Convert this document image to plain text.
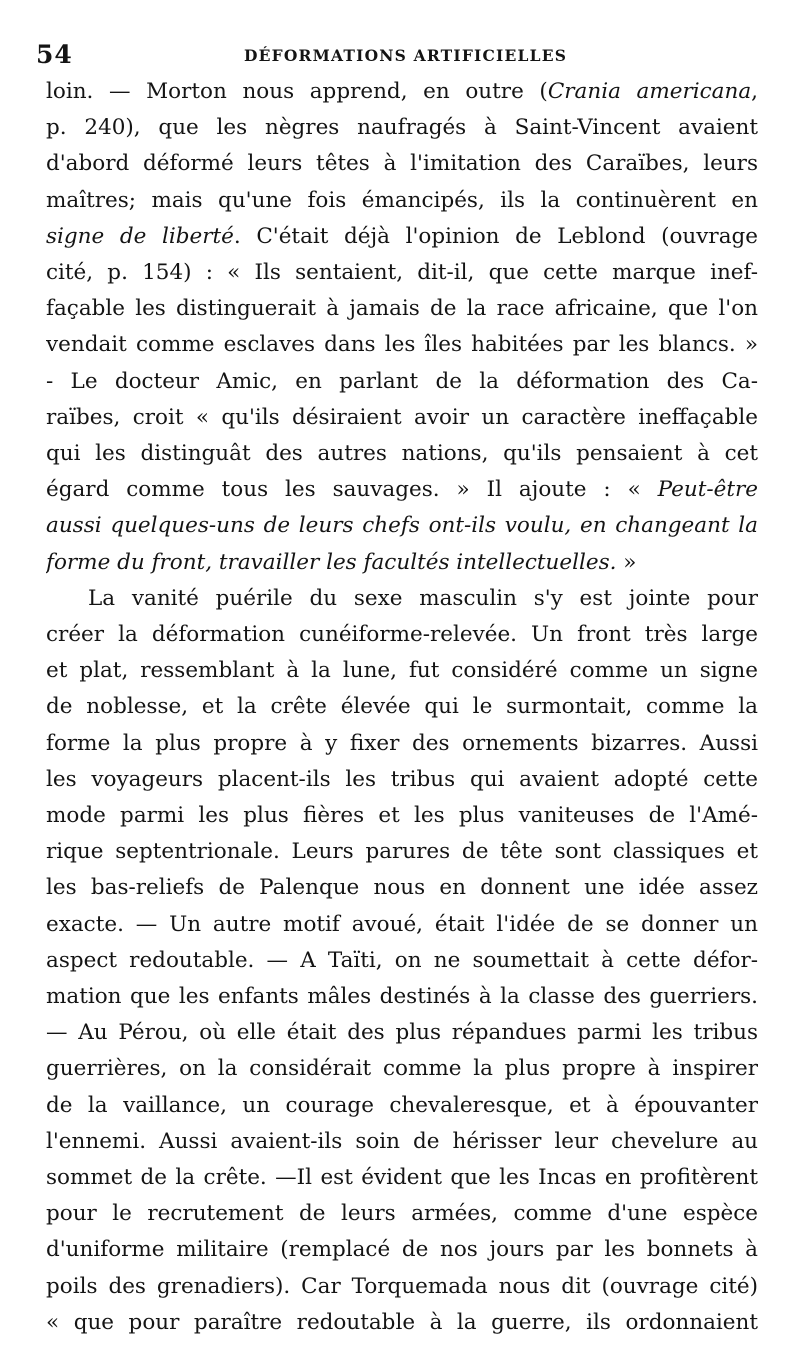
54	DÉFORMATIONS ARTIFICIELLES
loin. — Morton nous apprend, en outre (Crania americana,
p. 240), que les nègres naufragés à Saint-Vincent avaient
d'abord déformé leurs têtes à l'imitation des Caraïbes, leurs
maîtres; mais qu'une fois émancipés, ils la continuèrent en
signe de liberté. C'était déjà l'opinion de Leblond (ouvrage
cité, p. 154) : « Ils sentaient, dit-il, que cette marque inef-
façable les distinguerait à jamais de la race africaine, que l'on
vendait comme esclaves dans les îles habitées par les blancs. »
- Le docteur Amic, en parlant de la déformation des Ca-
raïbes, croit « qu'ils désiraient avoir un caractère ineffaçable
qui les distinguât des autres nations, qu'ils pensaient à cet
égard comme tous les sauvages. » Il ajoute : « Peut-être
aussi quelques-uns de leurs chefs ont-ils voulu, en changeant la
forme du front, travailler les facultés intellectuelles. »
La vanité puérile du sexe masculin s'y est jointe pour
créer la déformation cunéiforme-relevée. Un front très large
et plat, ressemblant à la lune, fut considéré comme un signe
de noblesse, et la crête élevée qui le surmontait, comme la
forme la plus propre à y fixer des ornements bizarres. Aussi
les voyageurs placent-ils les tribus qui avaient adopté cette
mode parmi les plus fières et les plus vaniteuses de l'Amé-
rique septentrionale. Leurs parures de tête sont classiques et
les bas-reliefs de Palenque nous en donnent une idée assez
exacte. — Un autre motif avoué, était l'idée de se donner un
aspect redoutable. — A Taïti, on ne soumettait à cette défor-
mation que les enfants mâles destinés à la classe des guerriers.
— Au Pérou, où elle était des plus répandues parmi les tribus
guerrières, on la considérait comme la plus propre à inspirer
de la vaillance, un courage chevaleresque, et à épouvanter
l'ennemi. Aussi avaient-ils soin de hérisser leur chevelure au
sommet de la crête. —Il est évident que les Incas en profitèrent
pour le recrutement de leurs armées, comme d'une espèce
d'uniforme militaire (remplacé de nos jours par les bonnets à
poils des grenadiers). Car Torquemada nous dit (ouvrage cité)
« que pour paraître redoutable à la guerre, ils ordonnaient
